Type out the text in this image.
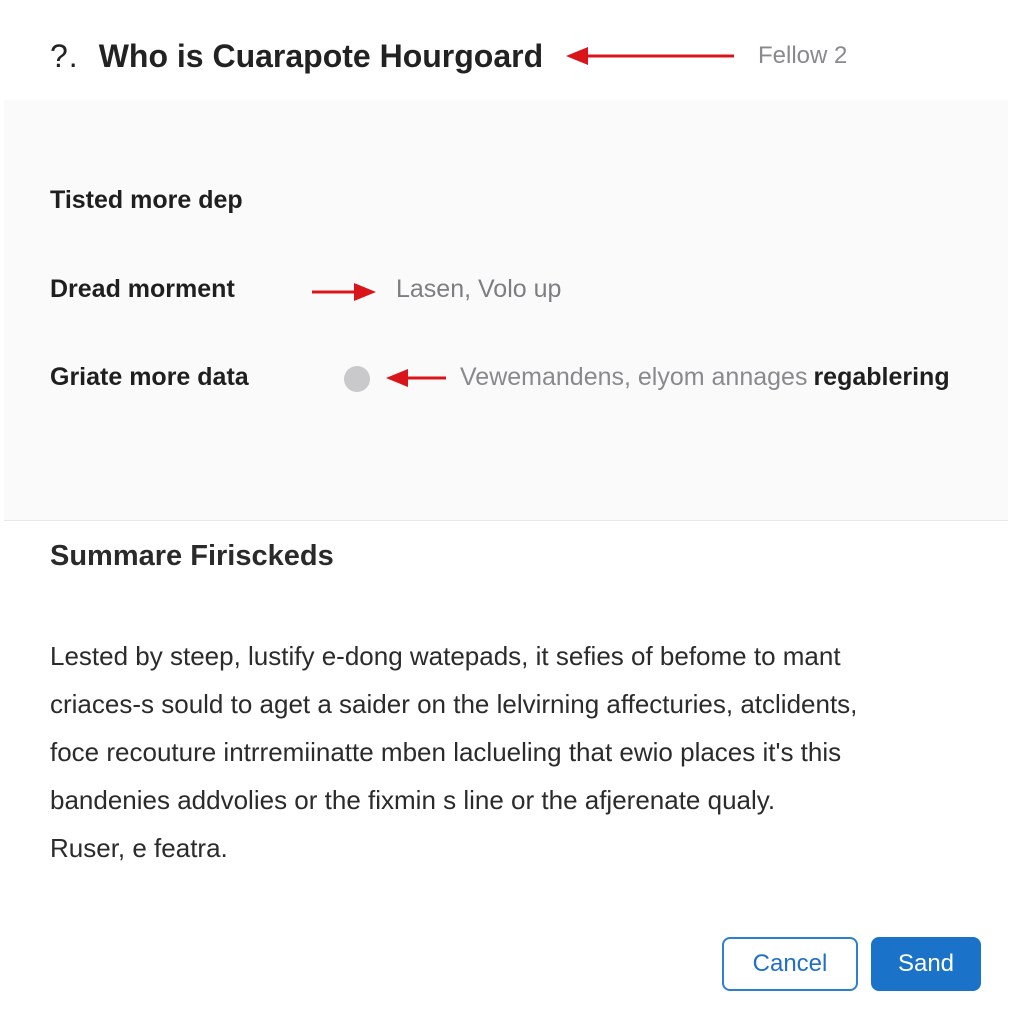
?. Who is Cuarapote Hourgoard	Fellow 2
Tisted more dep
Dread morment	Lasen, Volo up
Griate more data	Vewemandens, elyom annages regablering
Summare Firisckeds
Lested by steep, lustify e-dong watepads, it sefies of befome to mant
criaces-s sould to aget a saider on the lelvirning affecturies, atclidents,
foce recouture intrremiinatte mben laclueling that ewio places it's this
bandenies addvolies or the fixmin s line or the afjerenate qualy.
Ruser, e featra.
Cancel	Sand
